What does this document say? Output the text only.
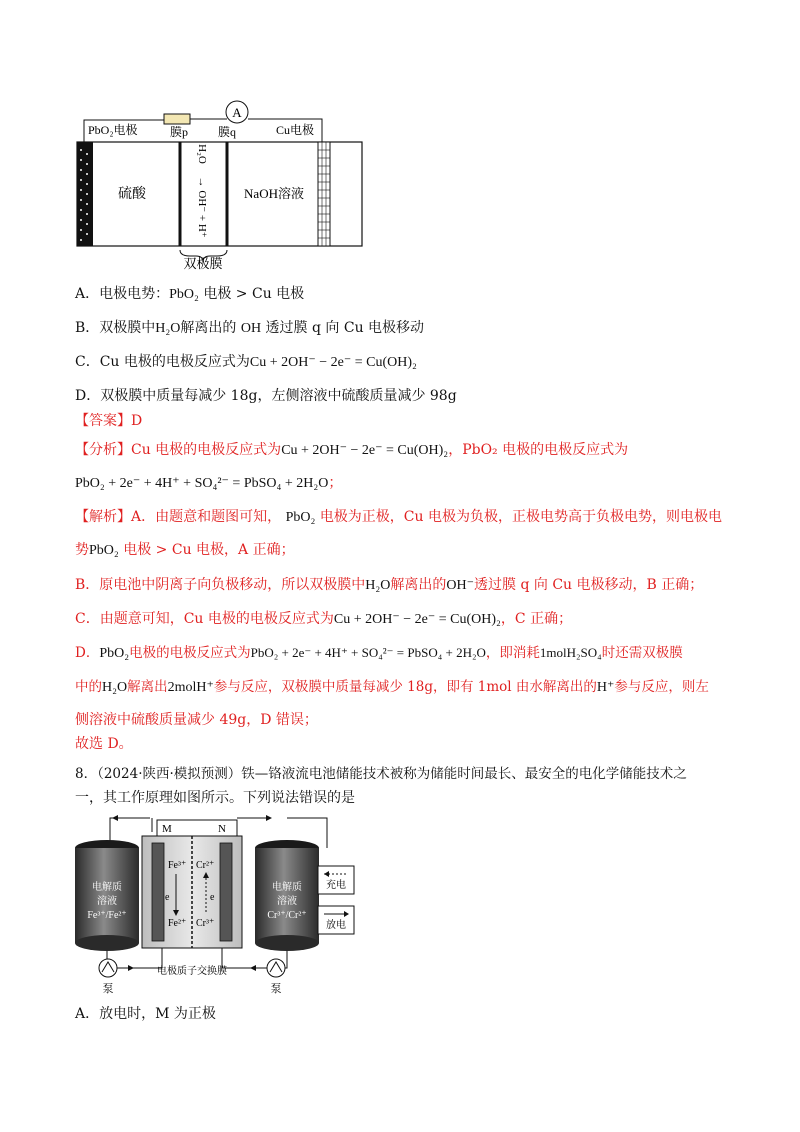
A
PbO₂电极	膜p 膜q	Cu电极
硫酸	NaOH溶液
H₂O
→
OH⁻ + H⁺
双极膜
A．电极电势：PbO₂ 电极 > Cu 电极
B．双极膜中H₂O解离出的 OH 透过膜 q 向 Cu 电极移动
C．Cu 电极的电极反应式为Cu + 2OH⁻ − 2e⁻ = Cu(OH)₂
D．双极膜中质量每减少 18g，左侧溶液中硫酸质量减少 98g
【答案】D
【分析】Cu 电极的电极反应式为Cu + 2OH⁻ − 2e⁻ = Cu(OH)₂，PbO₂ 电极的电极反应式为
PbO₂ + 2e⁻ + 4H⁺ + SO₄²⁻ = PbSO₄ + 2H₂O；
【解析】A．由题意和题图可知， PbO₂ 电极为正极，Cu 电极为负极，正极电势高于负极电势，则电极电
势PbO₂ 电极 > Cu 电极，A 正确；
B．原电池中阴离子向负极移动，所以双极膜中H₂O解离出的OH⁻透过膜 q 向 Cu 电极移动，B 正确；
C．由题意可知，Cu 电极的电极反应式为Cu + 2OH⁻ − 2e⁻ = Cu(OH)₂，C 正确；
D．PbO₂电极的电极反应式为PbO₂ + 2e⁻ + 4H⁺ + SO₄²⁻ = PbSO₄ + 2H₂O，即消耗1molH₂SO₄时还需双极膜
中的H₂O解离出2molH⁺参与反应，双极膜中质量每减少 18g，即有 1mol 由水解离出的H⁺参与反应，则左
侧溶液中硫酸质量减少 49g，D 错误；
故选 D。
8．（2024·陕西·模拟预测）铁—铬液流电池储能技术被称为储能时间最长、最安全的电化学储能技术之
一，其工作原理如图所示。下列说法错误的是
M	N
电解质
溶液
Fe³⁺/Fe²⁺
电解质
溶液
Cr³⁺/Cr²⁺
Fe³⁺
Fe²⁺
Cr²⁺
Cr³⁺
e	e
泵	泵
电极质子交换膜
充电
放电
A．放电时，M 为正极
